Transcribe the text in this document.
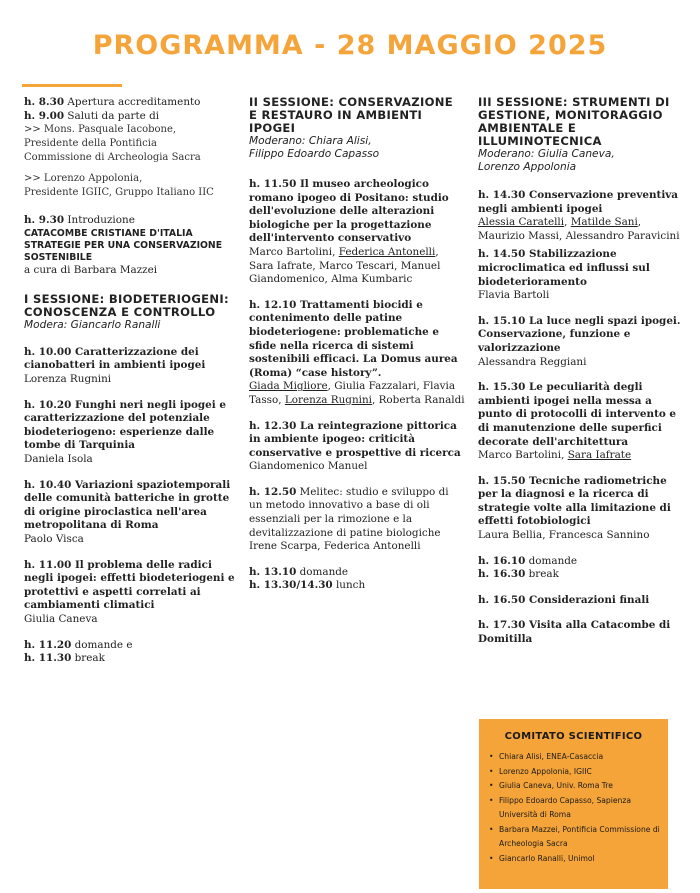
PROGRAMMA - 28 MAGGIO 2025
h. 8.30 Apertura accreditamento
h. 9.00 Saluti da parte di
>> Mons. Pasquale Iacobone,
Presidente della Pontificia
Commissione di Archeologia Sacra
>> Lorenzo Appolonia,
Presidente IGIIC, Gruppo Italiano IIC
h. 9.30 Introduzione
CATACOMBE CRISTIANE D'ITALIA STRATEGIE PER UNA CONSERVAZIONE SOSTENIBILE
a cura di Barbara Mazzei
I SESSIONE: BIODETERIOGENI: CONOSCENZA E CONTROLLO
Modera: Giancarlo Ranalli
h. 10.00 Caratterizzazione dei cianobatteri in ambienti ipogei
Lorenza Rugnini
h. 10.20 Funghi neri negli ipogei e caratterizzazione del potenziale biodeteriogeno: esperienze dalle tombe di Tarquinia
Daniela Isola
h. 10.40 Variazioni spaziotemporali delle comunità batteriche in grotte di origine piroclastica nell'area metropolitana di Roma
Paolo Visca
h. 11.00 Il problema delle radici negli ipogei: effetti biodeteriogeni e protettivi e aspetti correlati ai cambiamenti climatici
Giulia Caneva
h. 11.20 domande e
h. 11.30 break
II SESSIONE: CONSERVAZIONE E RESTAURO IN AMBIENTI IPOGEI
Moderano: Chiara Alisi,
Filippo Edoardo Capasso
h. 11.50 Il museo archeologico romano ipogeo di Positano: studio dell'evoluzione delle alterazioni biologiche per la progettazione dell'intervento conservativo
Marco Bartolini, Federica Antonelli, Sara Iafrate, Marco Tescari, Manuel Giandomenico, Alma Kumbaric
h. 12.10 Trattamenti biocidi e contenimento delle patine biodeteriogene: problematiche e sfide nella ricerca di sistemi sostenibili efficaci. La Domus aurea (Roma) “case history”.
Giada Migliore, Giulia Fazzalari, Flavia Tasso, Lorenza Rugnini, Roberta Ranaldi
h. 12.30 La reintegrazione pittorica in ambiente ipogeo: criticità conservative e prospettive di ricerca
Giandomenico Manuel
h. 12.50 Melitec: studio e sviluppo di un metodo innovativo a base di oli essenziali per la rimozione e la devitalizzazione di patine biologiche
Irene Scarpa, Federica Antonelli
h. 13.10 domande
h. 13.30/14.30 lunch
III SESSIONE: STRUMENTI DI GESTIONE, MONITORAGGIO AMBIENTALE E ILLUMINOTECNICA
Moderano: Giulia Caneva,
Lorenzo Appolonia
h. 14.30 Conservazione preventiva negli ambienti ipogei
Alessia Caratelli, Matilde Sani, Maurizio Massi, Alessandro Paravicini
h. 14.50 Stabilizzazione microclimatica ed influssi sul biodeterioramento
Flavia Bartoli
h. 15.10 La luce negli spazi ipogei. Conservazione, funzione e valorizzazione
Alessandra Reggiani
h. 15.30 Le peculiarità degli ambienti ipogei nella messa a punto di protocolli di intervento e di manutenzione delle superfici decorate dell'architettura
Marco Bartolini, Sara Iafrate
h. 15.50 Tecniche radiometriche per la diagnosi e la ricerca di strategie volte alla limitazione di effetti fotobiologici
Laura Bellia, Francesca Sannino
h. 16.10 domande
h. 16.30 break
h. 16.50 Considerazioni finali
h. 17.30 Visita alla Catacombe di Domitilla
COMITATO SCIENTIFICO
• Chiara Alisi, ENEA-Casaccia
• Lorenzo Appolonia, IGIIC
• Giulia Caneva, Univ. Roma Tre
• Filippo Edoardo Capasso, Sapienza Università di Roma
• Barbara Mazzei, Pontificia Commissione di Archeologia Sacra
• Giancarlo Ranalli, Unimol
